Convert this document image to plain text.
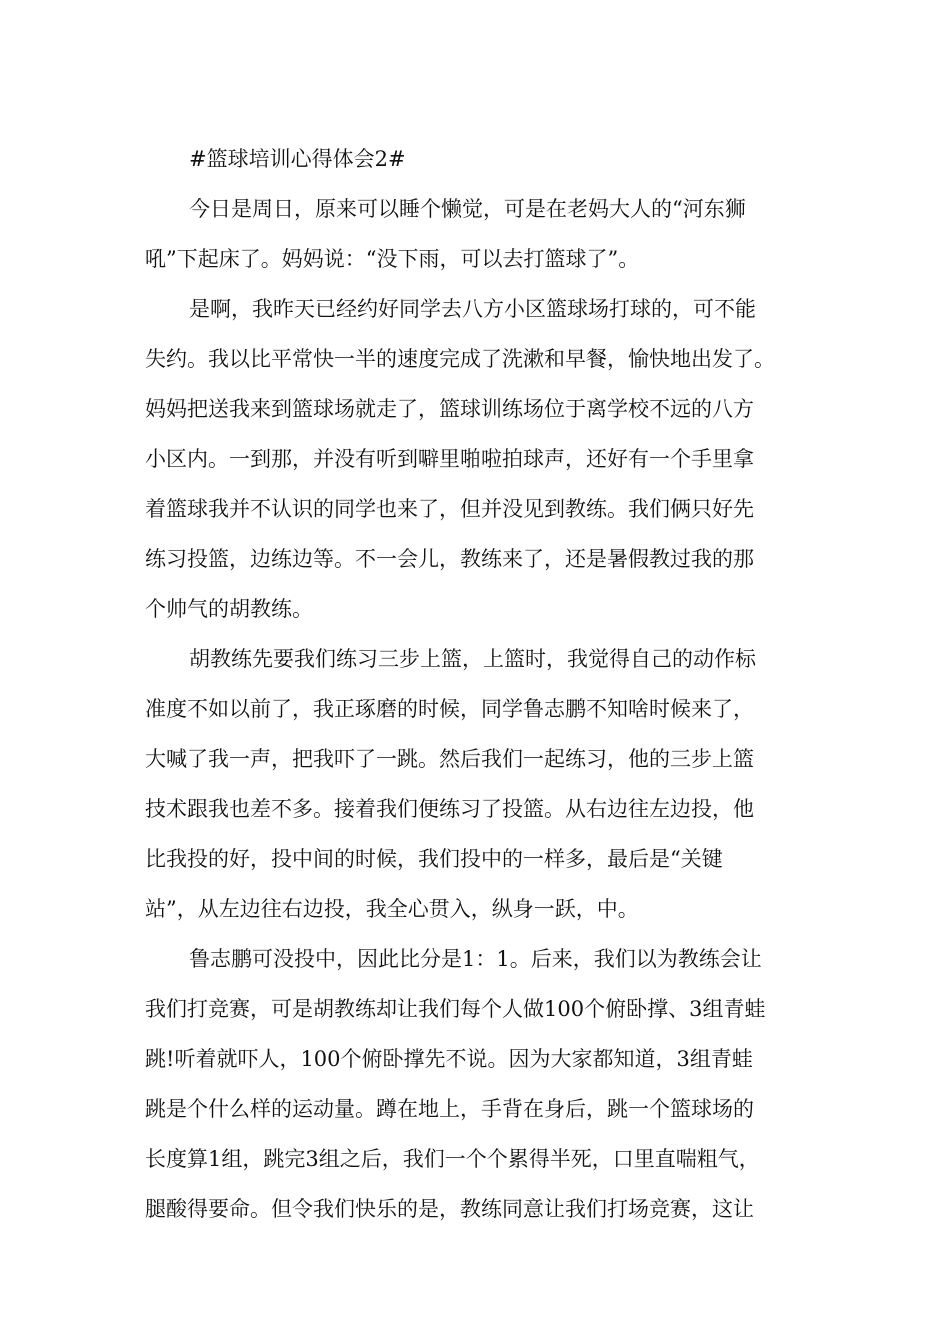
#篮球培训心得体会2#
今日是周日，原来可以睡个懒觉，可是在老妈大人的“河东狮
吼”下起床了。妈妈说：“没下雨，可以去打篮球了”。
是啊，我昨天已经约好同学去八方小区篮球场打球的，可不能
失约。我以比平常快一半的速度完成了洗漱和早餐，愉快地出发了。
妈妈把送我来到篮球场就走了，篮球训练场位于离学校不远的八方
小区内。一到那，并没有听到噼里啪啦拍球声，还好有一个手里拿
着篮球我并不认识的同学也来了，但并没见到教练。我们俩只好先
练习投篮，边练边等。不一会儿，教练来了，还是暑假教过我的那
个帅气的胡教练。
胡教练先要我们练习三步上篮，上篮时，我觉得自己的动作标
准度不如以前了，我正琢磨的时候，同学鲁志鹏不知啥时候来了，
大喊了我一声，把我吓了一跳。然后我们一起练习，他的三步上篮
技术跟我也差不多。接着我们便练习了投篮。从右边往左边投，他
比我投的好，投中间的时候，我们投中的一样多，最后是“关键
站”，从左边往右边投，我全心贯入，纵身一跃，中。
鲁志鹏可没投中，因此比分是1：1。后来，我们以为教练会让
我们打竞赛，可是胡教练却让我们每个人做100个俯卧撑、3组青蛙
跳!听着就吓人，100个俯卧撑先不说。因为大家都知道，3组青蛙
跳是个什么样的运动量。蹲在地上，手背在身后，跳一个篮球场的
长度算1组，跳完3组之后，我们一个个累得半死，口里直喘粗气，
腿酸得要命。但令我们快乐的是，教练同意让我们打场竞赛，这让
